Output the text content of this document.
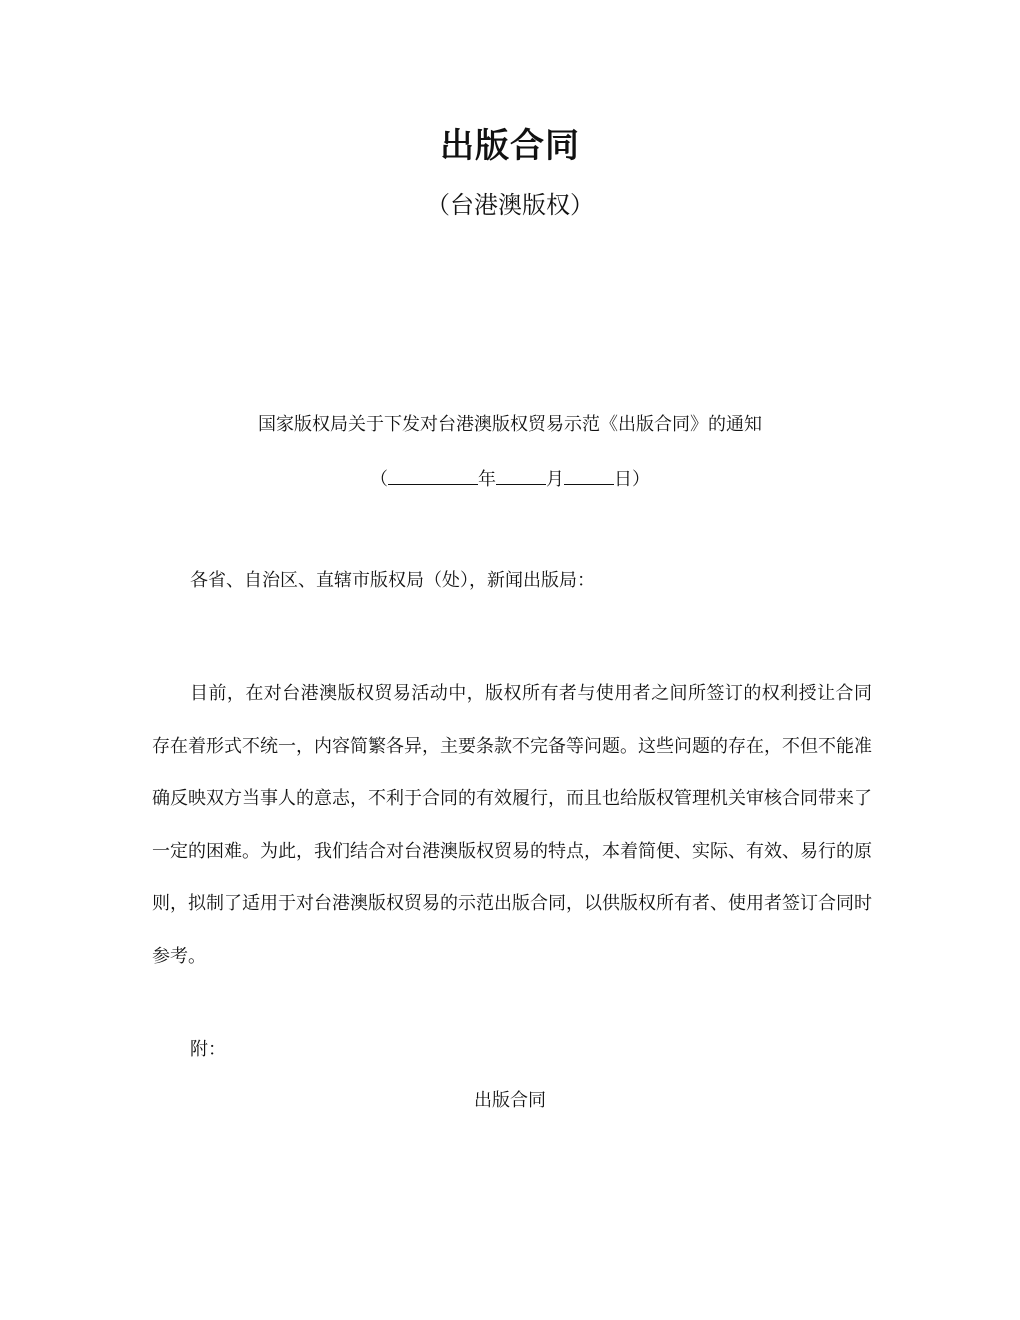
出版合同
（台港澳版权）
国家版权局关于下发对台港澳版权贸易示范《出版合同》的通知
（	年	月	日）
各省、自治区、直辖市版权局（处），新闻出版局：

目前，在对台港澳版权贸易活动中，版权所有者与使用者之间所签订的权利授让合同存在着形式不统一，内容简繁各异，主要条款不完备等问题。这些问题的存在，不但不能准确反映双方当事人的意志，不利于合同的有效履行，而且也给版权管理机关审核合同带来了一定的困难。为此，我们结合对台港澳版权贸易的特点，本着简便、实际、有效、易行的原则，拟制了适用于对台港澳版权贸易的示范出版合同，以供版权所有者、使用者签订合同时参考。

附：
出版合同
